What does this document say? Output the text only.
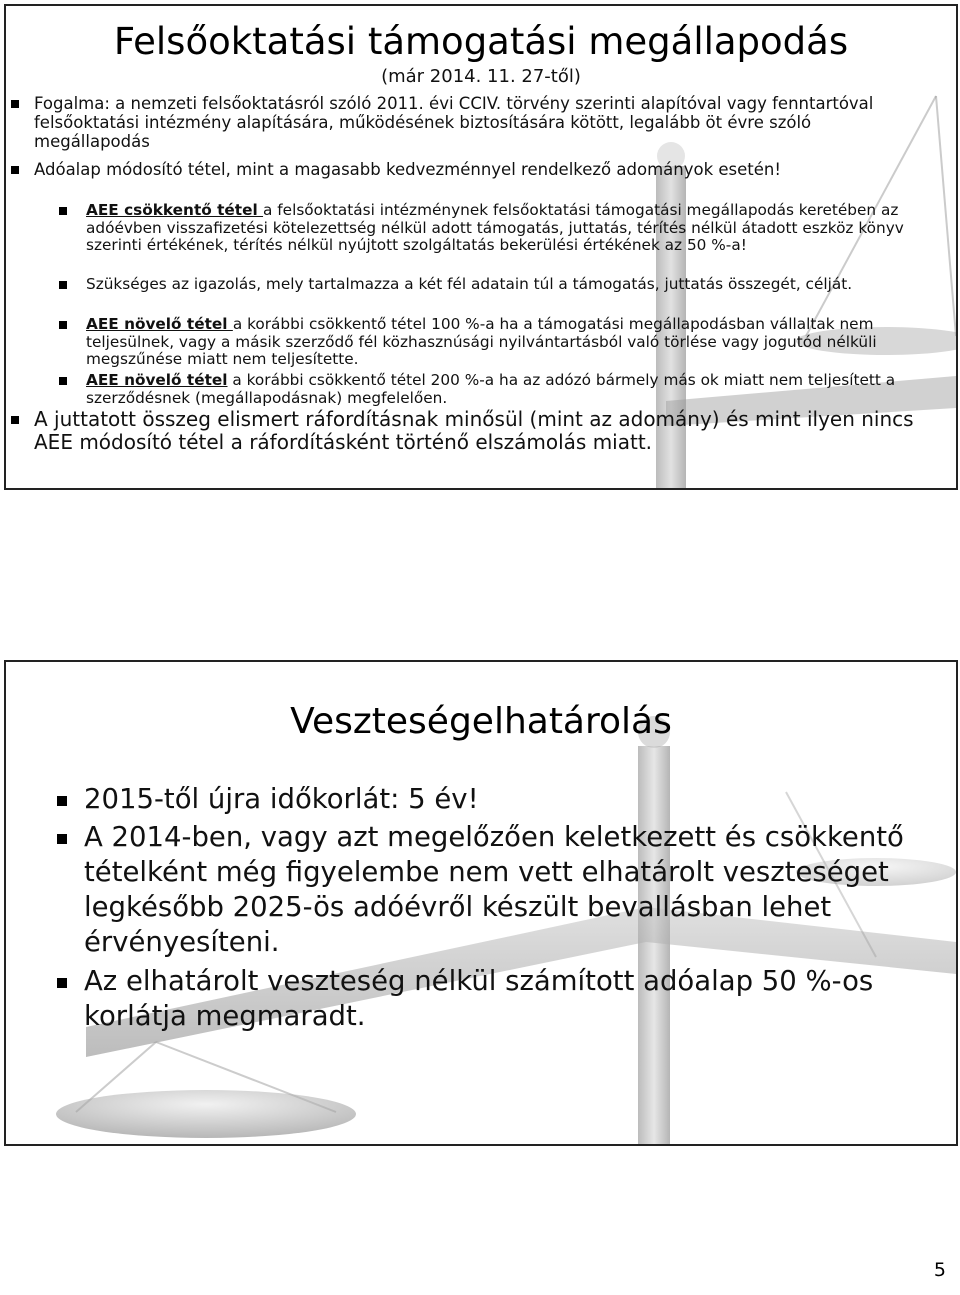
Felsőoktatási támogatási megállapodás
(már 2014. 11. 27-től)
Fogalma: a nemzeti felsőoktatásról szóló 2011. évi CCIV. törvény szerinti alapítóval vagy fenntartóval felsőoktatási intézmény alapítására, működésének biztosítására kötött, legalább öt évre szóló megállapodás
Adóalap módosító tétel, mint a magasabb kedvezménnyel rendelkező adományok esetén!
AEE csökkentő tétel a felsőoktatási intézménynek felsőoktatási támogatási megállapodás keretében az adóévben visszafizetési kötelezettség nélkül adott támogatás, juttatás, térítés nélkül átadott eszköz könyv szerinti értékének, térítés nélkül nyújtott szolgáltatás bekerülési értékének az 50 %-a!
Szükséges az igazolás, mely tartalmazza a két fél adatain túl a támogatás, juttatás összegét, célját.
AEE növelő tétel a korábbi csökkentő tétel 100 %-a ha a támogatási megállapodásban vállaltak nem teljesülnek, vagy a másik szerződő fél közhasznúsági nyilvántartásból való törlése vagy jogutód nélküli megszűnése miatt nem teljesítette.
AEE növelő tétel a korábbi csökkentő tétel 200 %-a ha az adózó bármely más ok miatt nem teljesített a szerződésnek (megállapodásnak) megfelelően.
A juttatott összeg elismert ráfordításnak minősül (mint az adomány) és mint ilyen nincs AEE módosító tétel a ráfordításként történő elszámolás miatt.
Veszteségelhatárolás
2015-től újra időkorlát: 5 év!
A 2014-ben, vagy azt megelőzően keletkezett és csökkentő tételként még figyelembe nem vett elhatárolt veszteséget legkésőbb 2025-ös adóévről készült bevallásban lehet érvényesíteni.
Az elhatárolt veszteség nélkül számított adóalap 50 %-os korlátja megmaradt.
5
